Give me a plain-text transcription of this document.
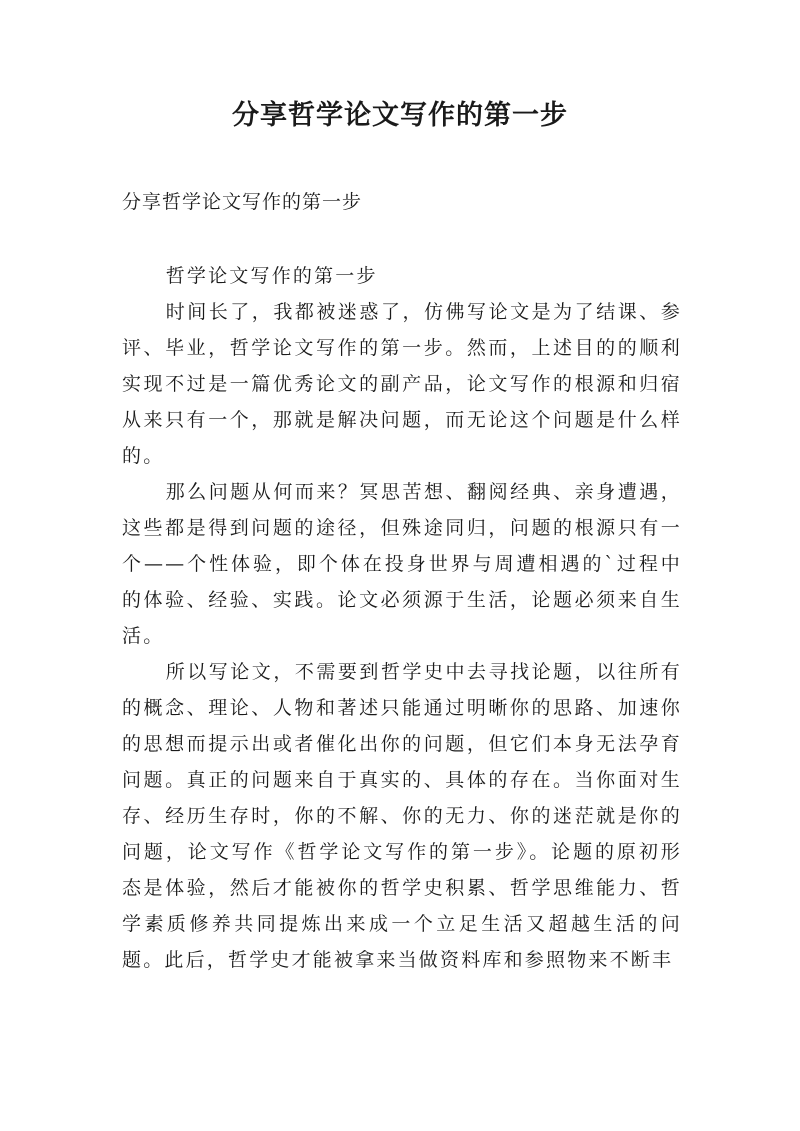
分享哲学论文写作的第一步

分享哲学论文写作的第一步

哲学论文写作的第一步

时间长了，我都被迷惑了，仿佛写论文是为了结课、参评、毕业，哲学论文写作的第一步。然而，上述目的的顺利实现不过是一篇优秀论文的副产品，论文写作的根源和归宿从来只有一个，那就是解决问题，而无论这个问题是什么样的。

那么问题从何而来？冥思苦想、翻阅经典、亲身遭遇，这些都是得到问题的途径，但殊途同归，问题的根源只有一个——个性体验，即个体在投身世界与周遭相遇的`过程中的体验、经验、实践。论文必须源于生活，论题必须来自生活。

所以写论文，不需要到哲学史中去寻找论题，以往所有的概念、理论、人物和著述只能通过明晰你的思路、加速你的思想而提示出或者催化出你的问题，但它们本身无法孕育问题。真正的问题来自于真实的、具体的存在。当你面对生存、经历生存时，你的不解、你的无力、你的迷茫就是你的问题，论文写作《哲学论文写作的第一步》。论题的原初形态是体验，然后才能被你的哲学史积累、哲学思维能力、哲学素质修养共同提炼出来成一个立足生活又超越生活的问题。此后，哲学史才能被拿来当做资料库和参照物来不断丰
